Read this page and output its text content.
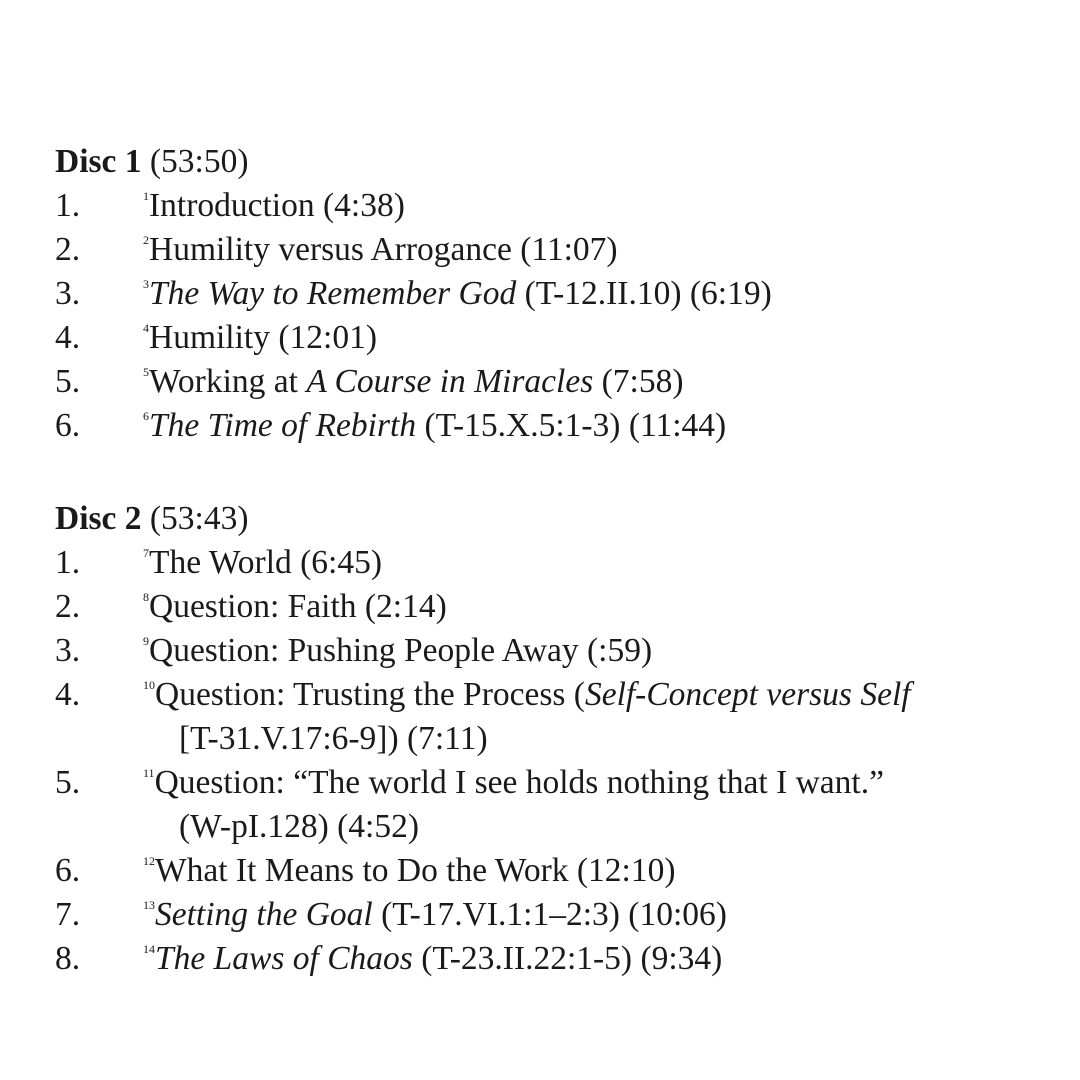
Disc 1 (53:50)
1.	$^1$Introduction (4:38)
2.	$^2$Humility versus Arrogance (11:07)
3.	$^3$The Way to Remember God (T-12.II.10) (6:19)
4.	$^4$Humility (12:01)
5.	$^5$Working at A Course in Miracles (7:58)
6.	$^6$The Time of Rebirth (T-15.X.5:1-3) (11:44)
Disc 2 (53:43)
1.	$^7$The World (6:45)
2.	$^8$Question: Faith (2:14)
3.	$^9$Question: Pushing People Away (:59)
4.	$^{10}$Question: Trusting the Process (Self-Concept versus Self
[T-31.V.17:6-9]) (7:11)
5.	$^{11}$Question: “The world I see holds nothing that I want.”
(W-pI.128) (4:52)
6.	$^{12}$What It Means to Do the Work (12:10)
7.	$^{13}$Setting the Goal (T-17.VI.1:1–2:3) (10:06)
8.	$^{14}$The Laws of Chaos (T-23.II.22:1-5) (9:34)
